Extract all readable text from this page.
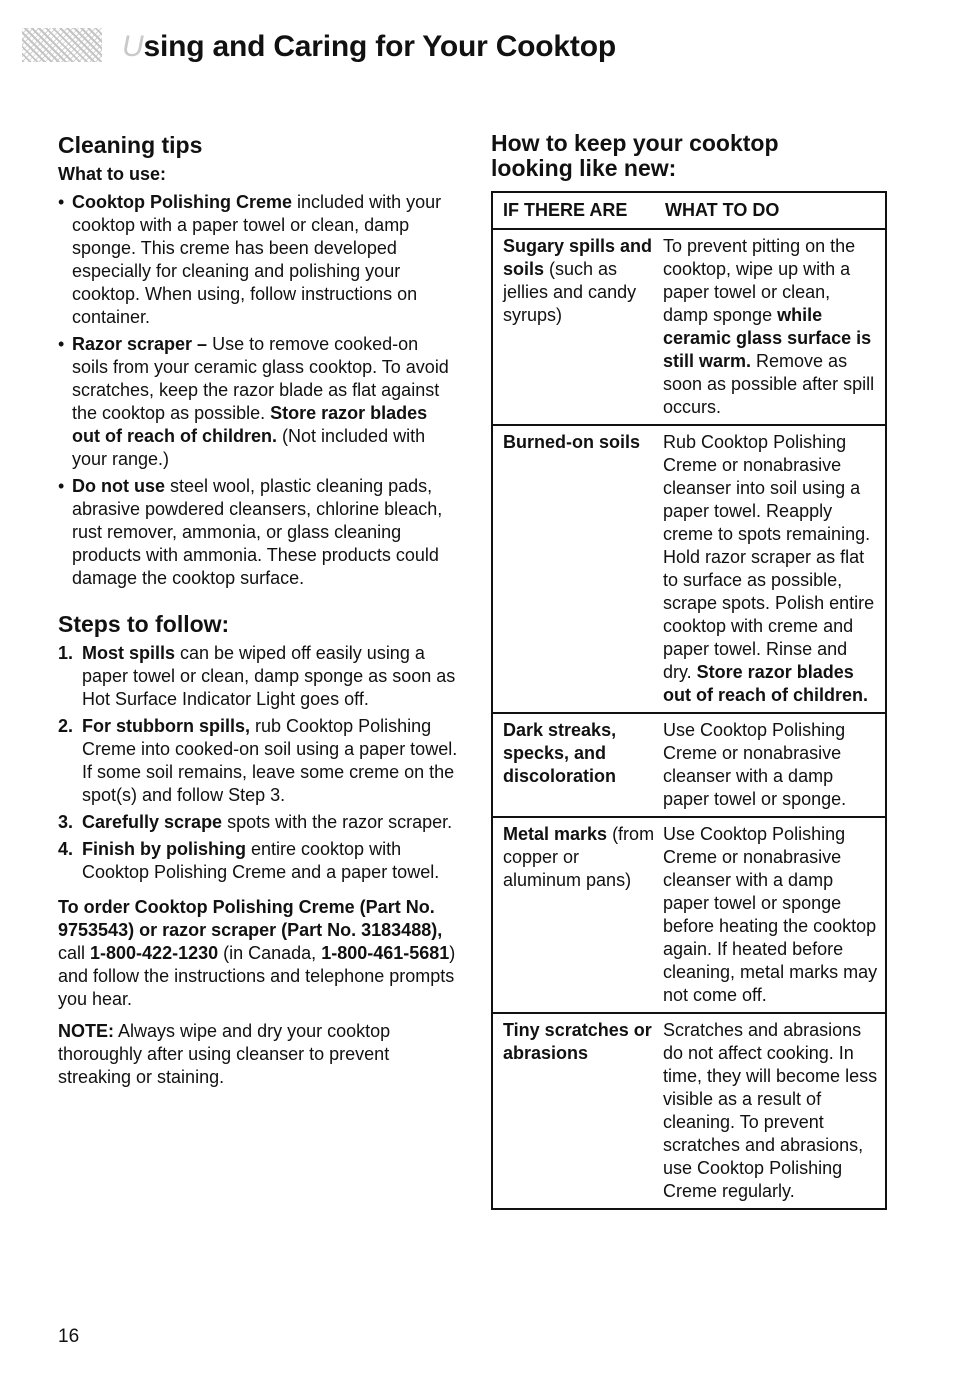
Using and Caring for Your Cooktop
Cleaning tips
What to use:
• Cooktop Polishing Creme included with your cooktop with a paper towel or clean, damp sponge. This creme has been developed especially for cleaning and polishing your cooktop. When using, follow instructions on container.
• Razor scraper – Use to remove cooked-on soils from your ceramic glass cooktop. To avoid scratches, keep the razor blade as flat against the cooktop as possible. Store razor blades out of reach of children. (Not included with your range.)
• Do not use steel wool, plastic cleaning pads, abrasive powdered cleansers, chlorine bleach, rust remover, ammonia, or glass cleaning products with ammonia. These products could damage the cooktop surface.
Steps to follow:
1. Most spills can be wiped off easily using a paper towel or clean, damp sponge as soon as Hot Surface Indicator Light goes off.
2. For stubborn spills, rub Cooktop Polishing Creme into cooked-on soil using a paper towel. If some soil remains, leave some creme on the spot(s) and follow Step 3.
3. Carefully scrape spots with the razor scraper.
4. Finish by polishing entire cooktop with Cooktop Polishing Creme and a paper towel.

To order Cooktop Polishing Creme (Part No. 9753543) or razor scraper (Part No. 3183488), call 1-800-422-1230 (in Canada, 1-800-461-5681) and follow the instructions and telephone prompts you hear.

NOTE: Always wipe and dry your cooktop thoroughly after using cleanser to prevent streaking or staining.

How to keep your cooktop
looking like new:
IF THERE ARE	WHAT TO DO
Sugary spills and soils (such as jellies and candy syrups)	To prevent pitting on the cooktop, wipe up with a paper towel or clean, damp sponge while ceramic glass surface is still warm. Remove as soon as possible after spill occurs.
Burned-on soils	Rub Cooktop Polishing Creme or nonabrasive cleanser into soil using a paper towel. Reapply creme to spots remaining. Hold razor scraper as flat to surface as possible, scrape spots. Polish entire cooktop with creme and paper towel. Rinse and dry. Store razor blades out of reach of children.
Dark streaks, specks, and discoloration	Use Cooktop Polishing Creme or nonabrasive cleanser with a damp paper towel or sponge.
Metal marks (from copper or aluminum pans)	Use Cooktop Polishing Creme or nonabrasive cleanser with a damp paper towel or sponge before heating the cooktop again. If heated before cleaning, metal marks may not come off.
Tiny scratches or abrasions	Scratches and abrasions do not affect cooking. In time, they will become less visible as a result of cleaning. To prevent scratches and abrasions, use Cooktop Polishing Creme regularly.
16
